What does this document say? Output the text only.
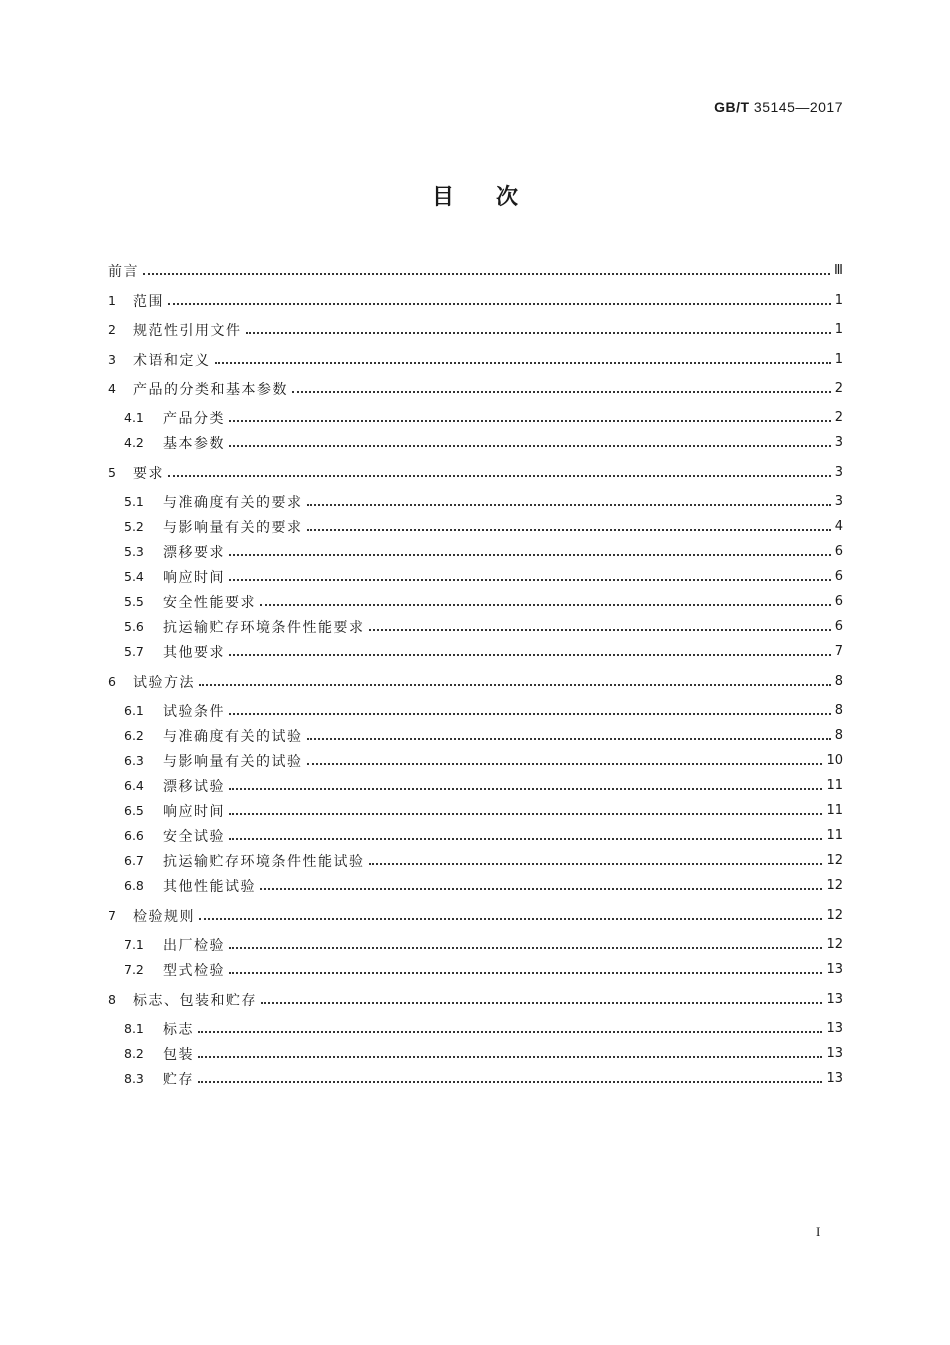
GB/T 35145—2017
目次
前言	Ⅲ
1	范围	1
2	规范性引用文件	1
3	术语和定义	1
4	产品的分类和基本参数	2
4.1	产品分类	2
4.2	基本参数	3
5	要求	3
5.1	与准确度有关的要求	3
5.2	与影响量有关的要求	4
5.3	漂移要求	6
5.4	响应时间	6
5.5	安全性能要求	6
5.6	抗运输贮存环境条件性能要求	6
5.7	其他要求	7
6	试验方法	8
6.1	试验条件	8
6.2	与准确度有关的试验	8
6.3	与影响量有关的试验	10
6.4	漂移试验	11
6.5	响应时间	11
6.6	安全试验	11
6.7	抗运输贮存环境条件性能试验	12
6.8	其他性能试验	12
7	检验规则	12
7.1	出厂检验	12
7.2	型式检验	13
8	标志、包装和贮存	13
8.1	标志	13
8.2	包装	13
8.3	贮存	13
I
